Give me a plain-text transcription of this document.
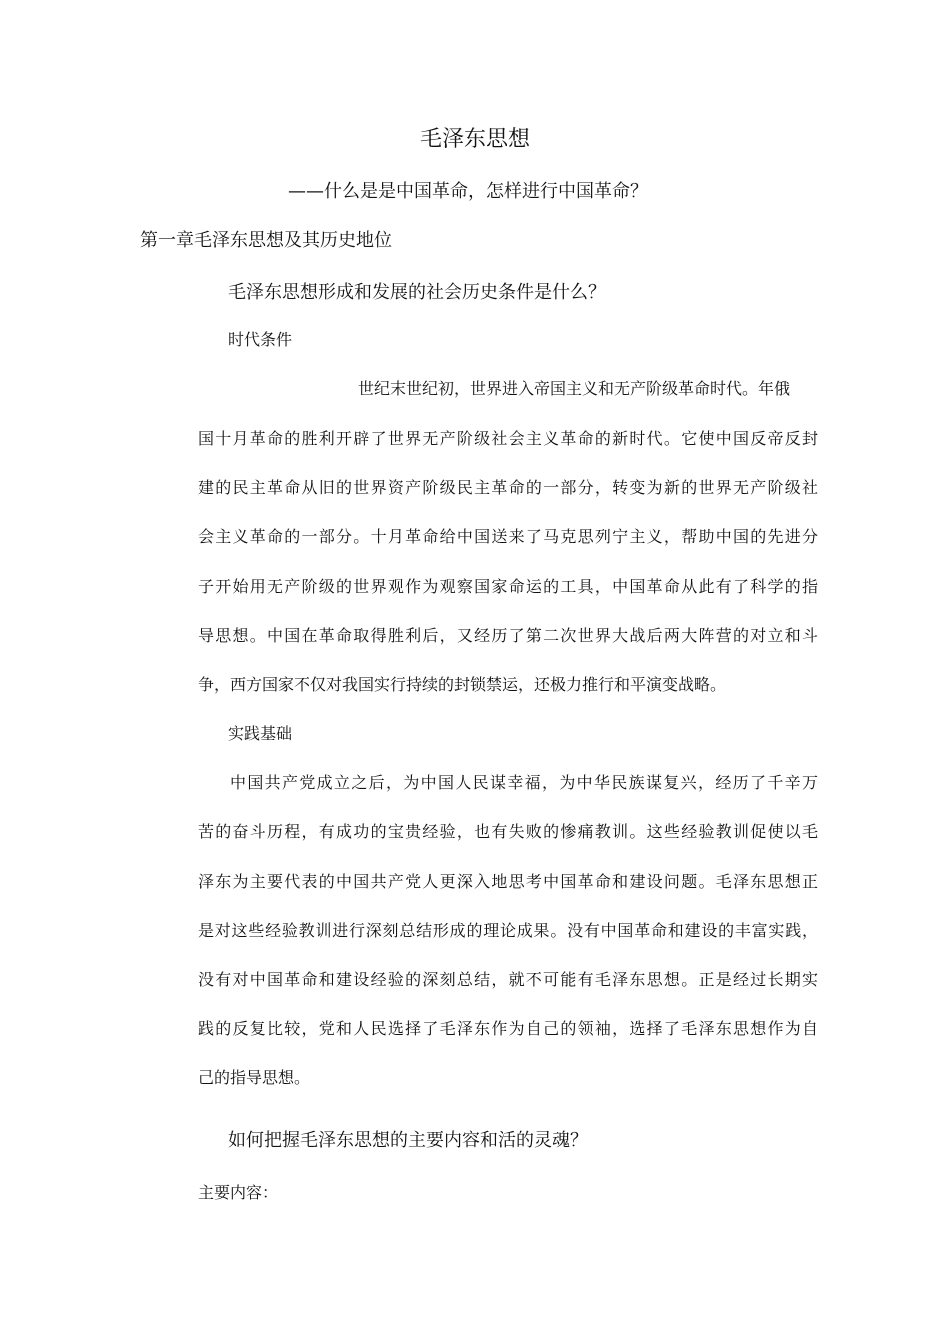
毛泽东思想
——什么是是中国革命，怎样进行中国革命？
第一章毛泽东思想及其历史地位
毛泽东思想形成和发展的社会历史条件是什么？
时代条件
世纪末世纪初，世界进入帝国主义和无产阶级革命时代。年俄
国十月革命的胜利开辟了世界无产阶级社会主义革命的新时代。它使中国反帝反封
建的民主革命从旧的世界资产阶级民主革命的一部分，转变为新的世界无产阶级社
会主义革命的一部分。十月革命给中国送来了马克思列宁主义，帮助中国的先进分
子开始用无产阶级的世界观作为观察国家命运的工具，中国革命从此有了科学的指
导思想。中国在革命取得胜利后，又经历了第二次世界大战后两大阵营的对立和斗
争，西方国家不仅对我国实行持续的封锁禁运，还极力推行和平演变战略。
实践基础
中国共产党成立之后，为中国人民谋幸福，为中华民族谋复兴，经历了千辛万
苦的奋斗历程，有成功的宝贵经验，也有失败的惨痛教训。这些经验教训促使以毛
泽东为主要代表的中国共产党人更深入地思考中国革命和建设问题。毛泽东思想正
是对这些经验教训进行深刻总结形成的理论成果。没有中国革命和建设的丰富实践，
没有对中国革命和建设经验的深刻总结，就不可能有毛泽东思想。正是经过长期实
践的反复比较，党和人民选择了毛泽东作为自己的领袖，选择了毛泽东思想作为自
己的指导思想。
如何把握毛泽东思想的主要内容和活的灵魂？
主要内容：
